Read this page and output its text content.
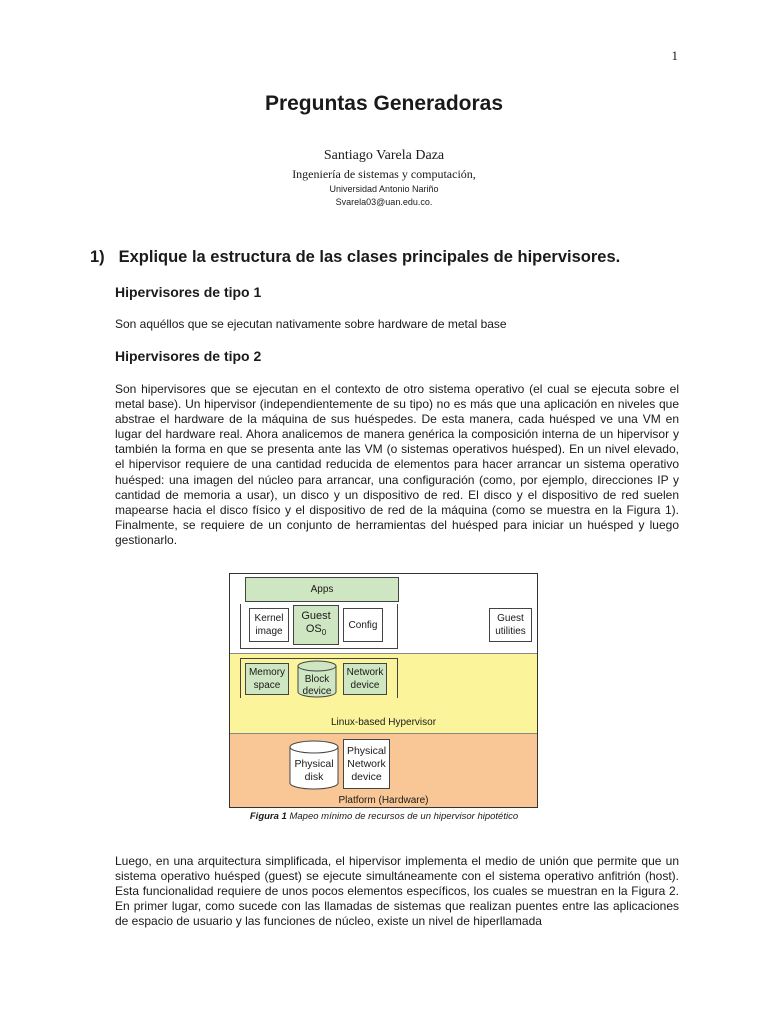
1
Preguntas Generadoras
Santiago Varela Daza
Ingeniería de sistemas y computación,
Universidad Antonio Nariño
Svarela03@uan.edu.co.
1) Explique la estructura de las clases principales de hipervisores.
Hipervisores de tipo 1
Son aquéllos que se ejecutan nativamente sobre hardware de metal base
Hipervisores de tipo 2
Son hipervisores que se ejecutan en el contexto de otro sistema operativo (el cual se ejecuta sobre el metal base). Un hipervisor (independientemente de su tipo) no es más que una aplicación en niveles que abstrae el hardware de la máquina de sus huéspedes. De esta manera, cada huésped ve una VM en lugar del hardware real. Ahora analicemos de manera genérica la composición interna de un hipervisor y también la forma en que se presenta ante las VM (o sistemas operativos huésped). En un nivel elevado, el hipervisor requiere de una cantidad reducida de elementos para hacer arrancar un sistema operativo huésped: una imagen del núcleo para arrancar, una configuración (como, por ejemplo, direcciones IP y cantidad de memoria a usar), un disco y un dispositivo de red. El disco y el dispositivo de red suelen mapearse hacia el disco físico y el dispositivo de red de la máquina (como se muestra en la Figura 1). Finalmente, se requiere de un conjunto de herramientas del huésped para iniciar un huésped y luego gestionarlo.
Apps
Kernel
image
Guest
$OS_0$
Config
Guest
utilities
Memory
space
Block
device
Network
device
Linux-based Hypervisor
Physical
disk
Physical
Network
device
Platform (Hardware)
Figura 1 Mapeo mínimo de recursos de un hipervisor hipotético
Luego, en una arquitectura simplificada, el hipervisor implementa el medio de unión que permite que un sistema operativo huésped (guest) se ejecute simultáneamente con el sistema operativo anfitrión (host). Esta funcionalidad requiere de unos pocos elementos específicos, los cuales se muestran en la Figura 2. En primer lugar, como sucede con las llamadas de sistemas que realizan puentes entre las aplicaciones de espacio de usuario y las funciones de núcleo, existe un nivel de hiperllamada
